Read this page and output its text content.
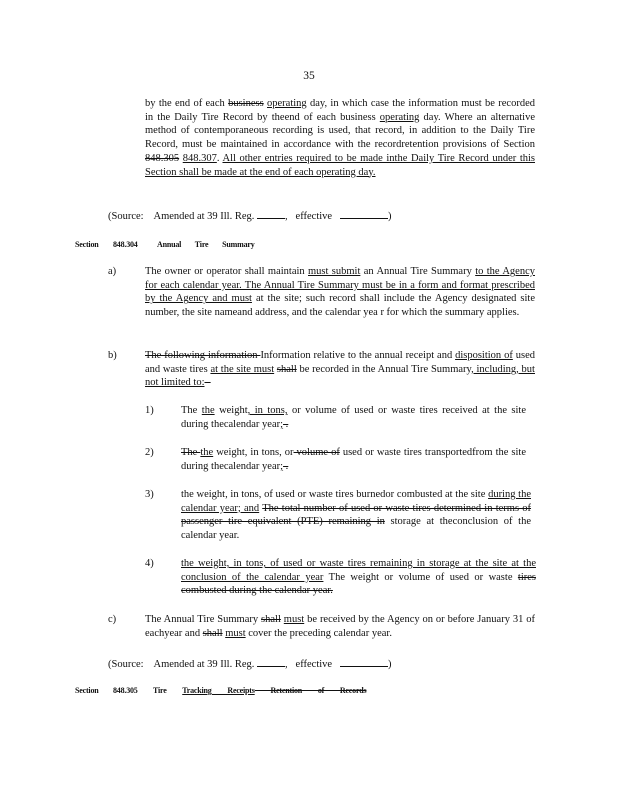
35
by the end of each business operating day, in which case the information must be recorded in the Daily Tire Record by theend of each business operating day. Where an alternative method of contemporaneous recording is used, that record, in addition to the Daily Tire Record, must be maintained in accordance with the recordretention provisions of Section 848.305 848.307. All other entries required to be made inthe Daily Tire Record under this Section shall be made at the end of each operating day.
(Source: Amended at 39 Ill. Reg.	, effective	)
Section 848.304 Annual Tire Summary
a)	The owner or operator shall maintain must submit an Annual Tire Summary to the Agency for each calendar year. The Annual Tire Summary must be in a form and format prescribed by the Agency and must at the site; such record shall include the Agency designated site number, the site nameand address, and the calendar yea r for which the summary applies.
b)	The following information Information relative to the annual receipt and disposition of used and waste tires at the site must shall be recorded in the Annual Tire Summary, including, but not limited to: -
1)	The the weight, in tons, or volume of used or waste tires received at the site during thecalendar year; .
2)	The the weight, in tons, or volume of used or waste tires transportedfrom the site during thecalendar year; .
3)	the weight, in tons, of used or waste tires burnedor combusted at the site during the calendar year; and The total number of used or waste tires determined in terms of passenger tire equivalent (PTE) remaining in storage at theconclusion of the calendar year.
4)	the weight, in tons, of used or waste tires remaining in storage at the site at the conclusion of the calendar year The weight or volume of used or waste tires combusted during the calendar year.
c)	The Annual Tire Summary shall must be received by the Agency on or before January 31 of eachyear and shall must cover the preceding calendar year.
(Source: Amended at 39 Ill. Reg.	, effective	)
Section 848.305 Tire Tracking Receipts Retention of Records
